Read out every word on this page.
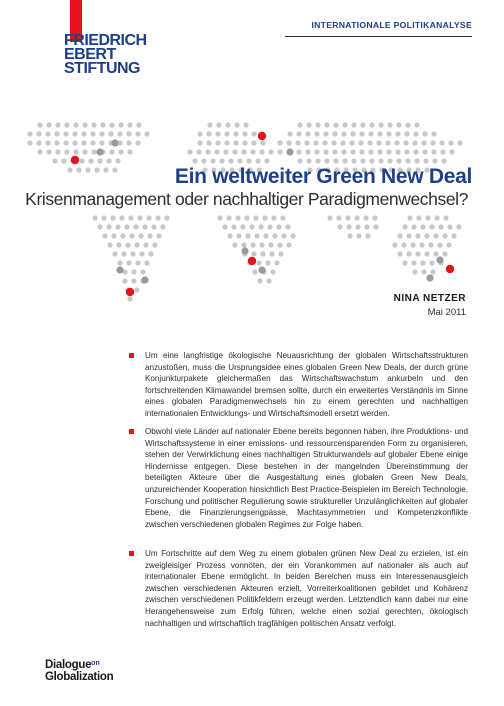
FRIEDRICH
EBERT
STIFTUNG
INTERNATIONALE POLITIKANALYSE
Ein weltweiter Green New Deal
Krisenmanagement oder nachhaltiger Paradigmenwechsel?
NINA NETZER
Mai 2011
Um eine langfristige ökologische Neuausrichtung der globalen Wirtschaftsstrukturen anzustoßen, muss die Ursprungsidee eines globalen Green New Deals, der durch grüne Konjunkturpakete gleichermaßen das Wirtschaftswachstum ankurbeln und den fortschreitenden Klimawandel bremsen sollte, durch ein erweitertes Verständnis im Sinne eines globalen Paradigmenwechsels hin zu einem gerechten und nachhaltigen internationalen Entwicklungs- und Wirtschaftsmodell ersetzt werden.
Obwohl viele Länder auf nationaler Ebene bereits begonnen haben, ihre Produktions- und Wirtschaftssysteme in einer emissions- und ressourcensparenden Form zu organisieren, stehen der Verwirklichung eines nachhaltigen Strukturwandels auf globaler Ebene einige Hindernisse entgegen. Diese bestehen in der mangelnden Übereinstimmung der beteiligten Akteure über die Ausgestaltung eines globalen Green New Deals, unzureichender Kooperation hinsichtlich Best Practice-Beispielen im Bereich Technologie, Forschung und politischer Regulierung sowie struktureller Unzulänglichkeiten auf globaler Ebene, die Finanzierungsengpässe, Machtasymmetrien und Kompetenzkonflikte zwischen verschiedenen globalen Regimes zur Folge haben.
Um Fortschritte auf dem Weg zu einem globalen grünen New Deal zu erzielen, ist ein zweigleisiger Prozess vonnöten, der ein Vorankommen auf nationaler als auch auf internationaler Ebene ermöglicht. In beiden Bereichen muss ein Interessenausgleich zwischen verschiedenen Akteuren erzielt, Vorreiterkoalitionen gebildet und Kohärenz zwischen verschiedenen Politikfeldern erzeugt werden. Letztendlich kann dabei nur eine Herangehensweise zum Erfolg führen, welche einen sozial gerechten, ökologisch nachhaltigen und wirtschaftlich tragfähigen politischen Ansatz verfolgt.
Dialogue$^{on}$
Globalization
